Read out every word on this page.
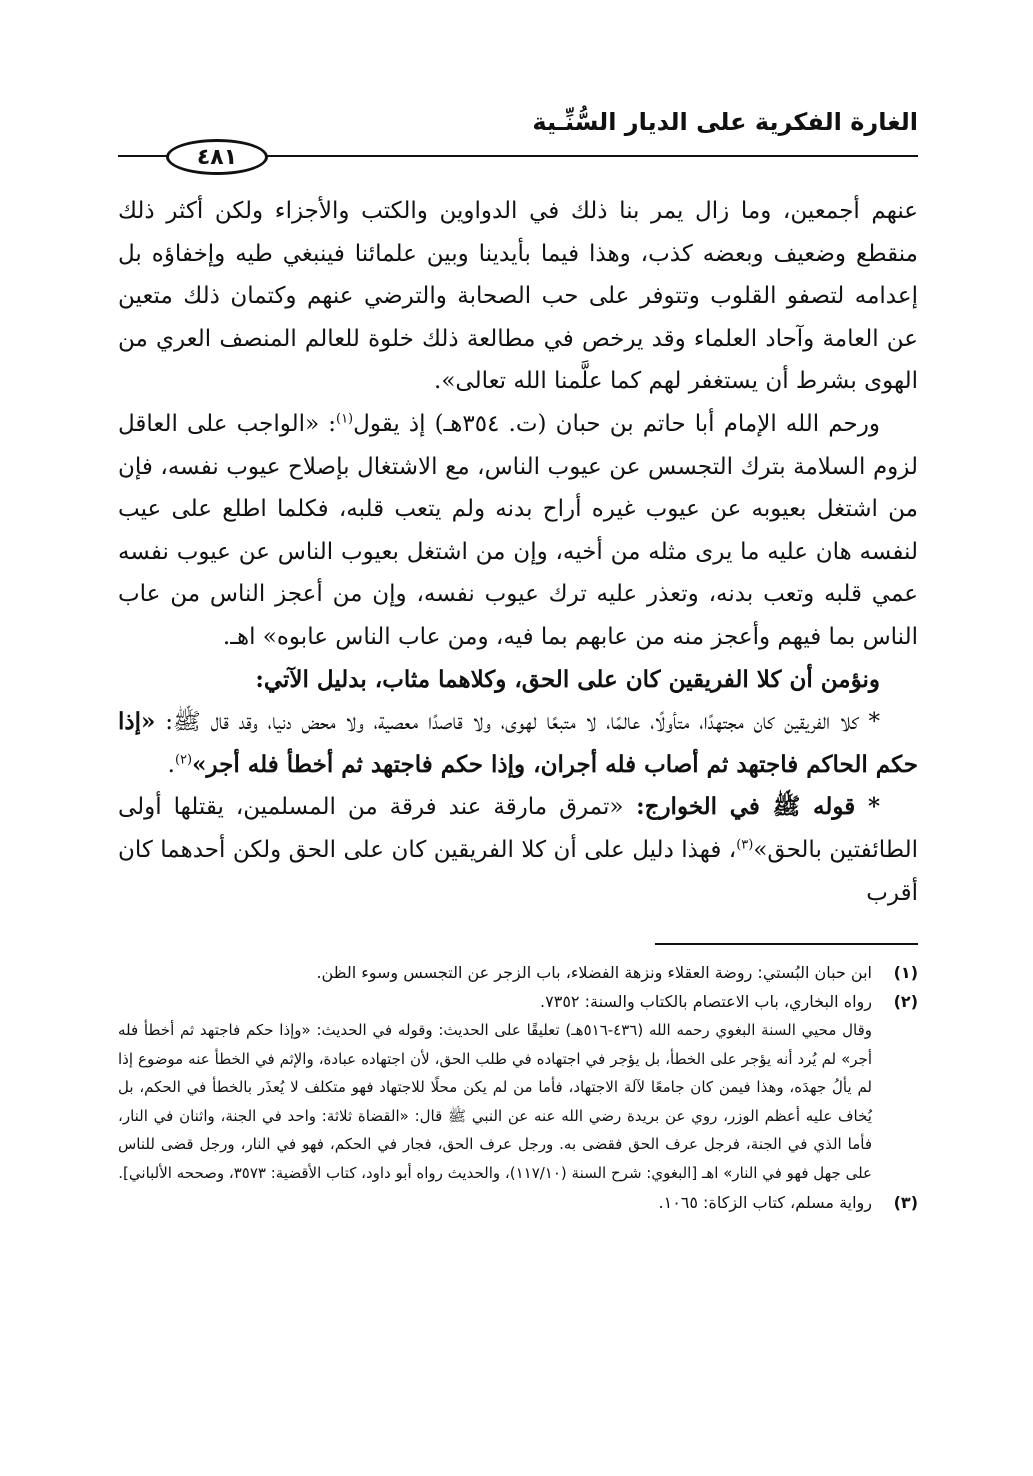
الغارة الفكرية على الديار السُّنِّـية
٤٨١

عنهم أجمعين، وما زال يمر بنا ذلك في الدواوين والكتب والأجزاء ولكن أكثر ذلك منقطع وضعيف وبعضه كذب، وهذا فيما بأيدينا وبين علمائنا فينبغي طيه وإخفاؤه بل إعدامه لتصفو القلوب وتتوفر على حب الصحابة والترضي عنهم وكتمان ذلك متعين عن العامة وآحاد العلماء وقد يرخص في مطالعة ذلك خلوة للعالم المنصف العري من الهوى بشرط أن يستغفر لهم كما علَّمنا الله تعالى».

ورحم الله الإمام أبا حاتم بن حبان (ت. ٣٥٤هـ) إذ يقول$^{(١)}$: «الواجب على العاقل لزوم السلامة بترك التجسس عن عيوب الناس، مع الاشتغال بإصلاح عيوب نفسه، فإن من اشتغل بعيوبه عن عيوب غيره أراح بدنه ولم يتعب قلبه، فكلما اطلع على عيب لنفسه هان عليه ما يرى مثله من أخيه، وإن من اشتغل بعيوب الناس عن عيوب نفسه عمي قلبه وتعب بدنه، وتعذر عليه ترك عيوب نفسه، وإن من أعجز الناس من عاب الناس بما فيهم وأعجز منه من عابهم بما فيه، ومن عاب الناس عابوه» اهـ.

ونؤمن أن كلا الفريقين كان على الحق، وكلاهما مثاب، بدليل الآتي:

* كلا الفريقين كان مجتهدًا، متأولًا، عالمًا، لا متبعًا لهوى، ولا قاصدًا معصية، ولا محض دنيا، وقد قال ﷺ: «إذا حكم الحاكم فاجتهد ثم أصاب فله أجران، وإذا حكم فاجتهد ثم أخطأ فله أجر»$^{(٢)}$.

* قوله ﷺ في الخوارج: «تمرق مارقة عند فرقة من المسلمين، يقتلها أولى الطائفتين بالحق»$^{(٣)}$، فهذا دليل على أن كلا الفريقين كان على الحق ولكن أحدهما كان أقرب

(١)
ابن حبان البُستي: روضة العقلاء ونزهة الفضلاء، باب الزجر عن التجسس وسوء الظن.
(٢)
رواه البخاري، باب الاعتصام بالكتاب والسنة: ٧٣٥٢.
وقال محيي السنة البغوي رحمه الله (٤٣٦-٥١٦هـ) تعليقًا على الحديث: وقوله في الحديث: «وإذا حكم فاجتهد ثم أخطأ فله أجر» لم يُرد أنه يؤجر على الخطأ، بل يؤجر في اجتهاده في طلب الحق، لأن اجتهاده عبادة، والإثم في الخطأ عنه موضوع إذا لم يألُ جهدَه، وهذا فيمن كان جامعًا لآلة الاجتهاد، فأما من لم يكن محلًا للاجتهاد فهو متكلف لا يُعذَر بالخطأ في الحكم، بل يُخاف عليه أعظم الوزر، روي عن بريدة رضي الله عنه عن النبي ﷺ قال: «القضاة ثلاثة: واحد في الجنة، واثنان في النار، فأما الذي في الجنة، فرجل عرف الحق فقضى به. ورجل عرف الحق، فجار في الحكم، فهو في النار، ورجل قضى للناس على جهل فهو في النار» اهـ [البغوي: شرح السنة (١١٧/١٠)، والحديث رواه أبو داود، كتاب الأقضية: ٣٥٧٣، وصححه الألباني].
(٣)
رواية مسلم، كتاب الزكاة: ١٠٦٥.
